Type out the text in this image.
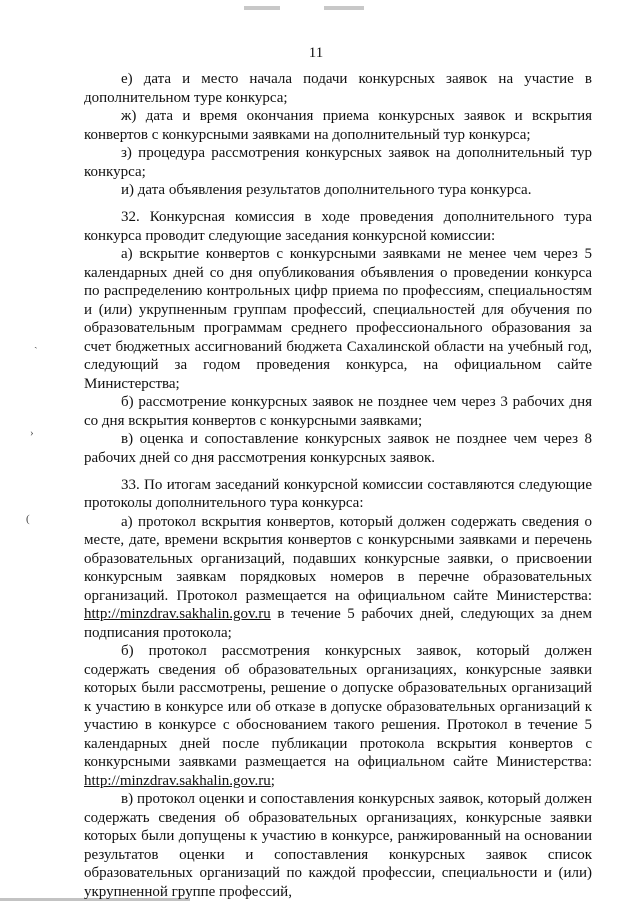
ˎ
›
(
11

е) дата и место начала подачи конкурсных заявок на участие в дополнительном туре конкурса;

ж) дата и время окончания приема конкурсных заявок и вскрытия конвертов с конкурсными заявками на дополнительный тур конкурса;

з) процедура рассмотрения конкурсных заявок на дополнительный тур конкурса;

и) дата объявления результатов дополнительного тура конкурса.

32. Конкурсная комиссия в ходе проведения дополнительного тура конкурса проводит следующие заседания конкурсной комиссии:

а) вскрытие конвертов с конкурсными заявками не менее чем через 5 календарных дней со дня опубликования объявления о проведении конкурса по распределению контрольных цифр приема по профессиям, специальностям и (или) укрупненным группам профессий, специальностей для обучения по образовательным программам среднего профессионального образования за счет бюджетных ассигнований бюджета Сахалинской области на учебный год, следующий за годом проведения конкурса, на официальном сайте Министерства;

б) рассмотрение конкурсных заявок не позднее чем через 3 рабочих дня со дня вскрытия конвертов с конкурсными заявками;

в) оценка и сопоставление конкурсных заявок не позднее чем через 8 рабочих дней со дня рассмотрения конкурсных заявок.

33. По итогам заседаний конкурсной комиссии составляются следующие протоколы дополнительного тура конкурса:

а) протокол вскрытия конвертов, который должен содержать сведения о месте, дате, времени вскрытия конвертов с конкурсными заявками и перечень образовательных организаций, подавших конкурсные заявки, о присвоении конкурсным заявкам порядковых номеров в перечне образовательных организаций. Протокол размещается на официальном сайте Министерства: http://minzdrav.sakhalin.gov.ru в течение 5 рабочих дней, следующих за днем подписания протокола;

б) протокол рассмотрения конкурсных заявок, который должен содержать сведения об образовательных организациях, конкурсные заявки которых были рассмотрены, решение о допуске образовательных организаций к участию в конкурсе или об отказе в допуске образовательных организаций к участию в конкурсе с обоснованием такого решения. Протокол в течение 5 календарных дней после публикации протокола вскрытия конвертов с конкурсными заявками размещается на официальном сайте Министерства: http://minzdrav.sakhalin.gov.ru;

в) протокол оценки и сопоставления конкурсных заявок, который должен содержать сведения об образовательных организациях, конкурсные заявки которых были допущены к участию в конкурсе, ранжированный на основании результатов оценки и сопоставления конкурсных заявок список образовательных организаций по каждой профессии, специальности и (или) укрупненной группе профессий,
